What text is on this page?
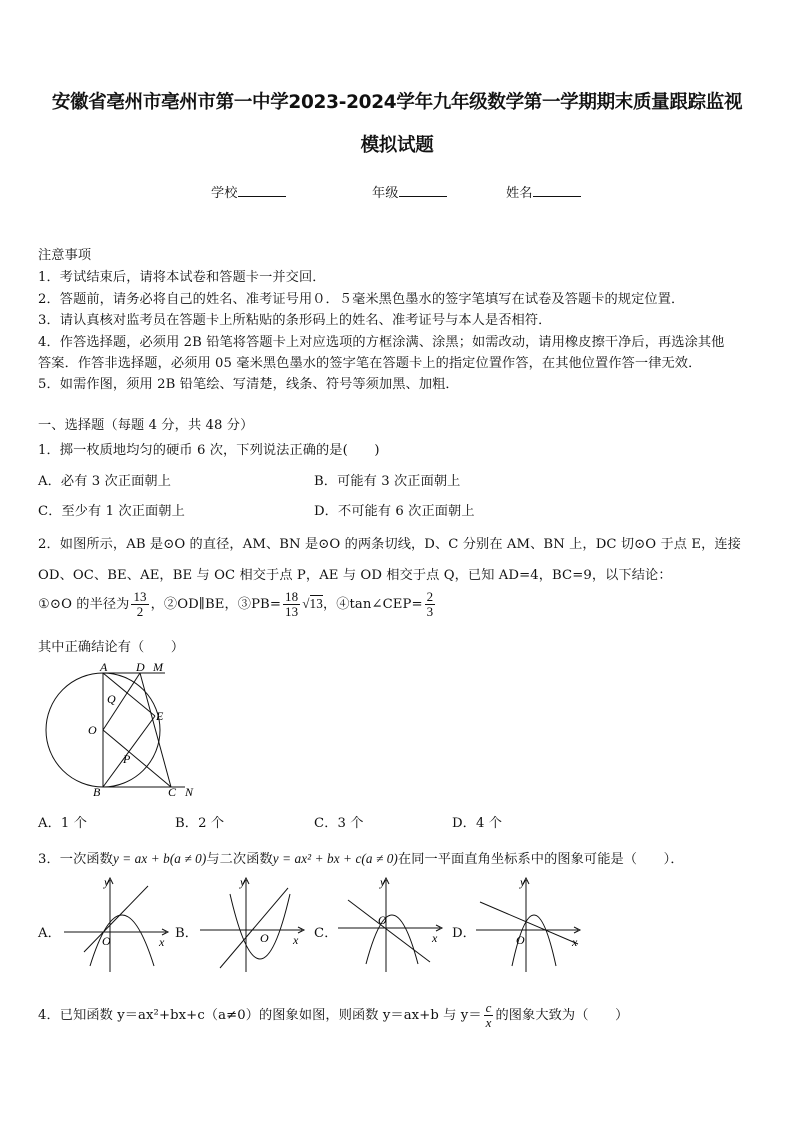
安徽省亳州市亳州市第一中学2023-2024学年九年级数学第一学期期末质量跟踪监视
模拟试题
学校	年级	姓名
注意事项
1．考试结束后，请将本试卷和答题卡一并交回．
2．答题前，请务必将自己的姓名、准考证号用０．５毫米黑色墨水的签字笔填写在试卷及答题卡的规定位置．
3．请认真核对监考员在答题卡上所粘贴的条形码上的姓名、准考证号与本人是否相符．
4．作答选择题，必须用 2B 铅笔将答题卡上对应选项的方框涂满、涂黑；如需改动，请用橡皮擦干净后，再选涂其他
答案．作答非选择题，必须用 05 毫米黑色墨水的签字笔在答题卡上的指定位置作答，在其他位置作答一律无效．
5．如需作图，须用 2B 铅笔绘、写清楚，线条、符号等须加黑、加粗．
一、选择题（每题 4 分，共 48 分）
1．掷一枚质地均匀的硬币 6 次，下列说法正确的是(　　)
A．必有 3 次正面朝上	B．可能有 3 次正面朝上
C．至少有 1 次正面朝上	D．不可能有 6 次正面朝上
2．如图所示，AB 是⊙O 的直径，AM、BN 是⊙O 的两条切线，D、C 分别在 AM、BN 上，DC 切⊙O 于点 E，连接
OD、OC、BE、AE，BE 与 OC 相交于点 P，AE 与 OD 相交于点 Q，已知 AD=4，BC=9，以下结论：
①⊙O 的半径为 $\frac{13}{2}$ ，②OD∥BE，③PB= $\frac{18}{13} √13$，④tan∠CEP= $\frac{2}{3}$
其中正确结论有（　　）
A D M
Q
O
E
P
B	C N
A．1 个	B．2 个	C．3 个	D．4 个
3．一次函数y = ax + b(a ≠ 0)与二次函数y = ax² + bx + c(a ≠ 0)在同一平面直角坐标系中的图象可能是（　　）．
A．
y
x
O	B．
y
x
O	C．
y
x
O
D．
y
x
O
4．已知函数 y＝ax²+bx+c（a≠0）的图象如图，则函数 y＝ax+b 与 $y= \frac{c}{x}$ 的图象大致为（　　）
